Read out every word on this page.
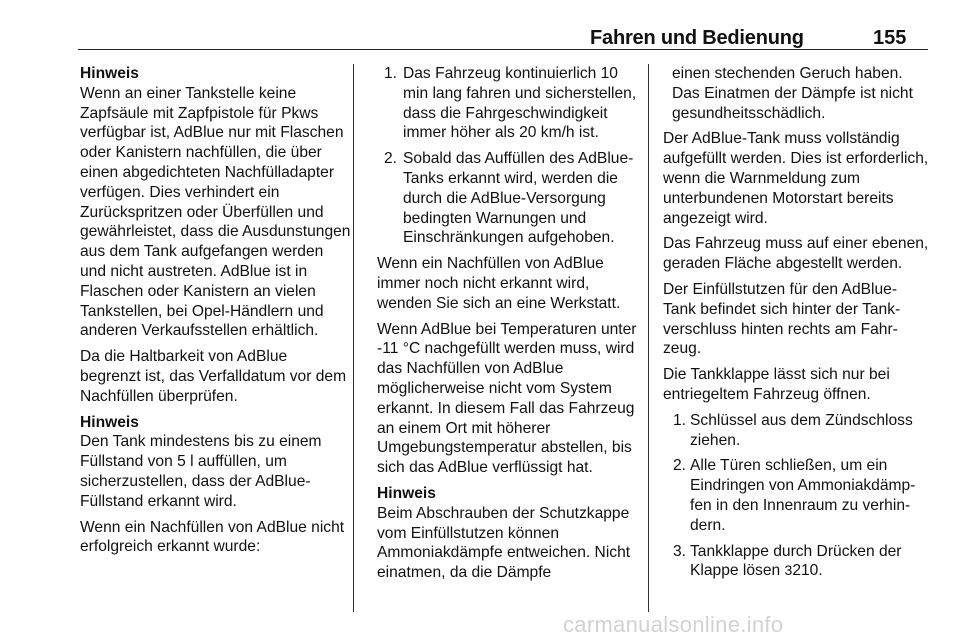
Fahren und Bedienung	155
Hinweis

Wenn an einer Tankstelle keine Zapfsäule mit Zapfpistole für Pkws verfügbar ist, AdBlue nur mit Flaschen oder Kanistern nachfüllen, die über einen abgedichteten Nachfülladapter verfügen. Dies verhindert ein Zurückspritzen oder Überfüllen und gewährleistet, dass die Ausdunstungen aus dem Tank aufgefangen werden und nicht austreten. AdBlue ist in Flaschen oder Kanistern an vielen Tankstellen, bei Opel-Händlern und anderen Verkaufsstellen erhältlich.

Da die Haltbarkeit von AdBlue begrenzt ist, das Verfalldatum vor dem Nachfüllen überprüfen.

Hinweis

Den Tank mindestens bis zu einem Füllstand von 5 l auffüllen, um sicherzustellen, dass der AdBlue-Füllstand erkannt wird.

Wenn ein Nachfüllen von AdBlue nicht erfolgreich erkannt wurde:

1. Das Fahrzeug kontinuierlich 10 min lang fahren und sicherstellen, dass die Fahrgeschwindigkeit immer höher als 20 km/h ist.
2. Sobald das Auffüllen des AdBlue-Tanks erkannt wird, werden die durch die AdBlue-Versorgung bedingten Warnungen und Einschränkungen aufgehoben.

Wenn ein Nachfüllen von AdBlue immer noch nicht erkannt wird, wenden Sie sich an eine Werkstatt.

Wenn AdBlue bei Temperaturen unter -11 °C nachgefüllt werden muss, wird das Nachfüllen von AdBlue möglicherweise nicht vom System erkannt. In diesem Fall das Fahrzeug an einem Ort mit höherer Umgebungstemperatur abstellen, bis sich das AdBlue verflüssigt hat.

Hinweis

Beim Abschrauben der Schutzkappe vom Einfüllstutzen können Ammoniakdämpfe entweichen. Nicht einatmen, da die Dämpfe

einen stechenden Geruch haben. Das Einatmen der Dämpfe ist nicht gesundheitsschädlich.

Der AdBlue-Tank muss vollständig aufgefüllt werden. Dies ist erforderlich, wenn die Warnmeldung zum unterbundenen Motorstart bereits angezeigt wird.

Das Fahrzeug muss auf einer ebenen, geraden Fläche abgestellt werden.

Der Einfüllstutzen für den AdBlue-Tank befindet sich hinter der Tankverschluss hinten rechts am Fahrzeug.

Die Tankklappe lässt sich nur bei entriegeltem Fahrzeug öffnen.

1. Schlüssel aus dem Zündschloss ziehen.
2. Alle Türen schließen, um ein Eindringen von Ammoniakdämpfen in den Innenraum zu verhindern.
3. Tankklappe durch Drücken der Klappe lösen 3210.
carmanualsonline.info
